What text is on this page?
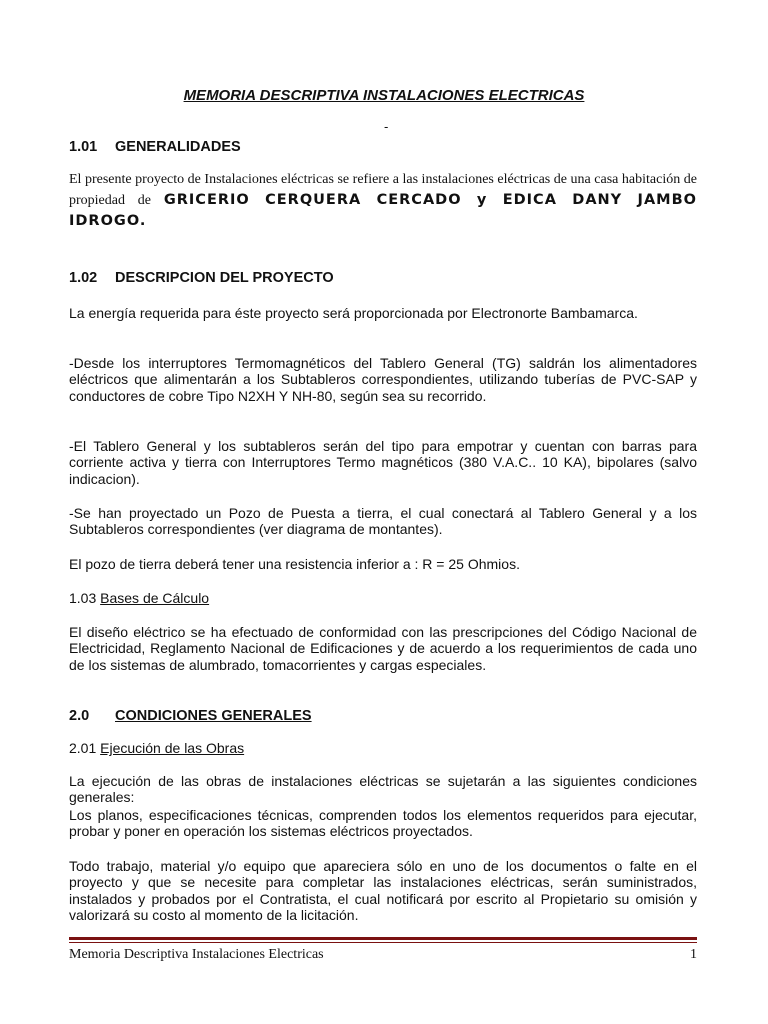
MEMORIA DESCRIPTIVA INSTALACIONES ELECTRICAS
-
1.01 GENERALIDADES
El presente proyecto de Instalaciones eléctricas se refiere a las instalaciones eléctricas de una casa habitación de propiedad de GRICERIO CERQUERA CERCADO y EDICA DANY JAMBO IDROGO.
1.02 DESCRIPCION DEL PROYECTO
La energía requerida para éste proyecto será proporcionada por Electronorte Bambamarca.
-Desde los interruptores Termomagnéticos del Tablero General (TG) saldrán los alimentadores eléctricos que alimentarán a los Subtableros correspondientes, utilizando tuberías de PVC-SAP y conductores de cobre Tipo N2XH Y NH-80, según sea su recorrido.
-El Tablero General y los subtableros serán del tipo para empotrar y cuentan con barras para corriente activa y tierra con Interruptores Termo magnéticos (380 V.A.C.. 10 KA), bipolares (salvo indicacion).
-Se han proyectado un Pozo de Puesta a tierra, el cual conectará al Tablero General y a los Subtableros correspondientes (ver diagrama de montantes).
El pozo de tierra deberá tener una resistencia inferior a : R = 25 Ohmios.
1.03 Bases de Cálculo
El diseño eléctrico se ha efectuado de conformidad con las prescripciones del Código Nacional de Electricidad, Reglamento Nacional de Edificaciones y de acuerdo a los requerimientos de cada uno de los sistemas de alumbrado, tomacorrientes y cargas especiales.
2.0 CONDICIONES GENERALES
2.01 Ejecución de las Obras
La ejecución de las obras de instalaciones eléctricas se sujetarán a las siguientes condiciones generales:
Los planos, especificaciones técnicas, comprenden todos los elementos requeridos para ejecutar, probar y poner en operación los sistemas eléctricos proyectados.
Todo trabajo, material y/o equipo que apareciera sólo en uno de los documentos o falte en el proyecto y que se necesite para completar las instalaciones eléctricas, serán suministrados, instalados y probados por el Contratista, el cual notificará por escrito al Propietario su omisión y valorizará su costo al momento de la licitación.
Memoria Descriptiva Instalaciones Electricas	1
